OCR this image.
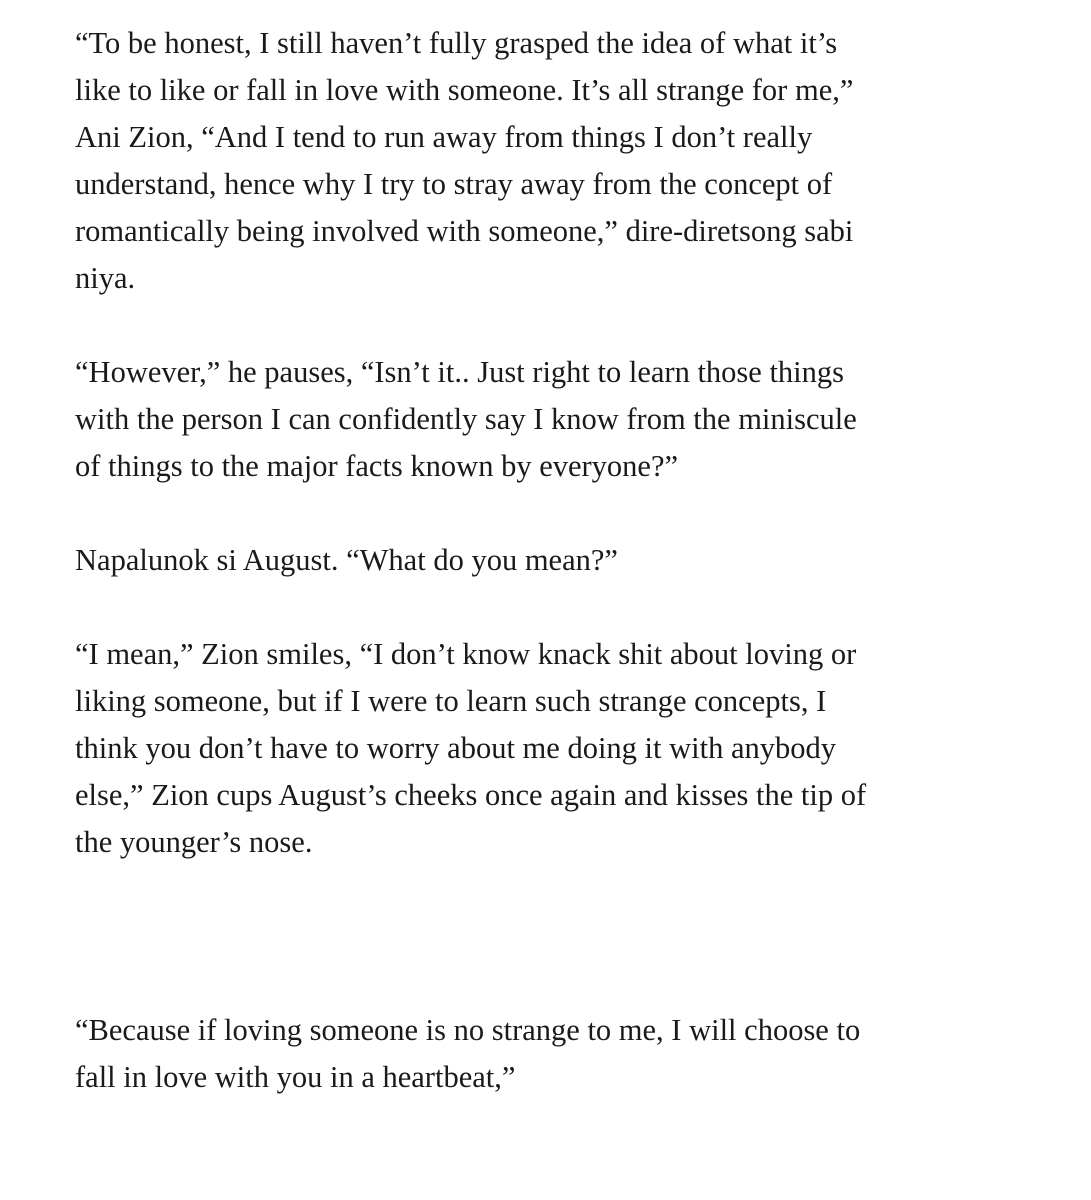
“To be honest, I still haven’t fully grasped the idea of what it’s
like to like or fall in love with someone. It’s all strange for me,”
Ani Zion, “And I tend to run away from things I don’t really
understand, hence why I try to stray away from the concept of
romantically being involved with someone,” dire-diretsong sabi
niya.

“However,” he pauses, “Isn’t it.. Just right to learn those things
with the person I can confidently say I know from the miniscule
of things to the major facts known by everyone?”

Napalunok si August. “What do you mean?”

“I mean,” Zion smiles, “I don’t know knack shit about loving or
liking someone, but if I were to learn such strange concepts, I
think you don’t have to worry about me doing it with anybody
else,” Zion cups August’s cheeks once again and kisses the tip of
the younger’s nose.

“Because if loving someone is no strange to me, I will choose to
fall in love with you in a heartbeat,”
